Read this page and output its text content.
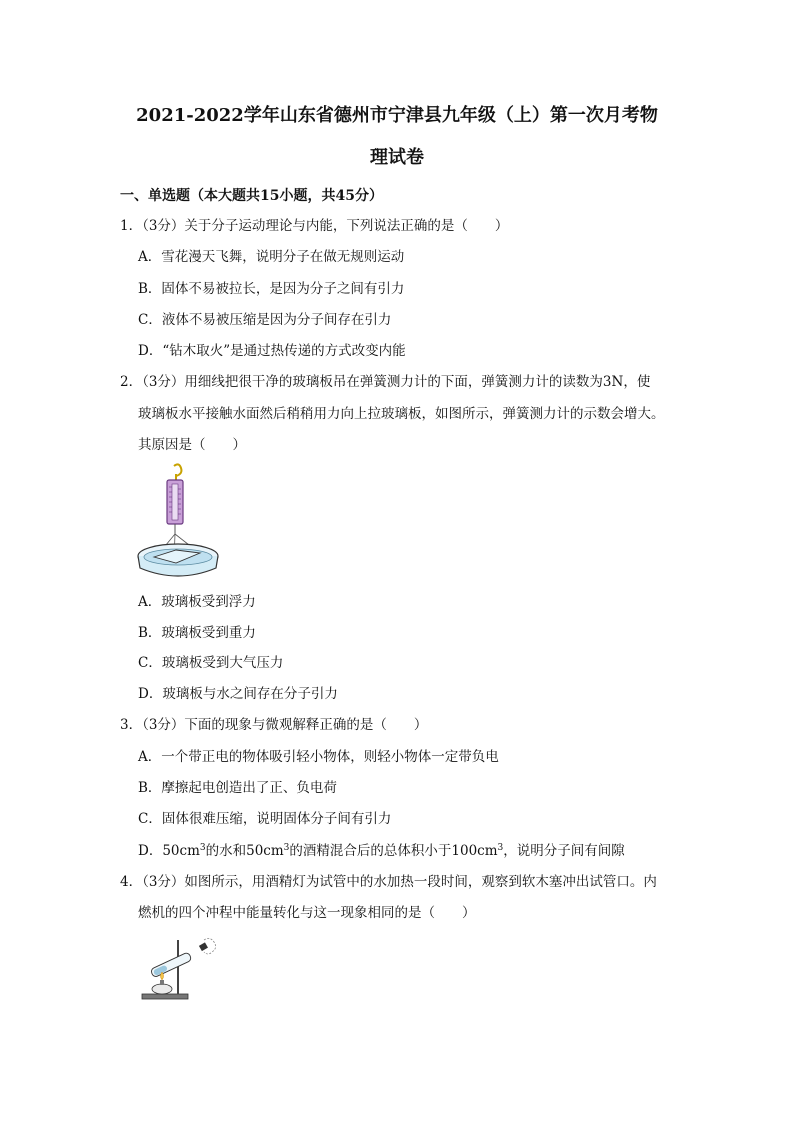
2021-2022学年山东省德州市宁津县九年级（上）第一次月考物
理试卷
一、单选题（本大题共15小题，共45分）
1．（3分）关于分子运动理论与内能，下列说法正确的是（　　）
A．雪花漫天飞舞，说明分子在做无规则运动
B．固体不易被拉长，是因为分子之间有引力
C．液体不易被压缩是因为分子间存在引力
D．“钻木取火”是通过热传递的方式改变内能
2．（3分）用细线把很干净的玻璃板吊在弹簧测力计的下面，弹簧测力计的读数为3N，使
玻璃板水平接触水面然后稍稍用力向上拉玻璃板，如图所示，弹簧测力计的示数会增大。
其原因是（　　）
A．玻璃板受到浮力
B．玻璃板受到重力
C．玻璃板受到大气压力
D．玻璃板与水之间存在分子引力
3．（3分）下面的现象与微观解释正确的是（　　）
A．一个带正电的物体吸引轻小物体，则轻小物体一定带负电
B．摩擦起电创造出了正、负电荷
C．固体很难压缩，说明固体分子间有引力
D．$50cm^3$的水和$50cm^3$的酒精混合后的总体积小于$100cm^3$，说明分子间有间隙
4．（3分）如图所示，用酒精灯为试管中的水加热一段时间，观察到软木塞冲出试管口。内
燃机的四个冲程中能量转化与这一现象相同的是（　　）
